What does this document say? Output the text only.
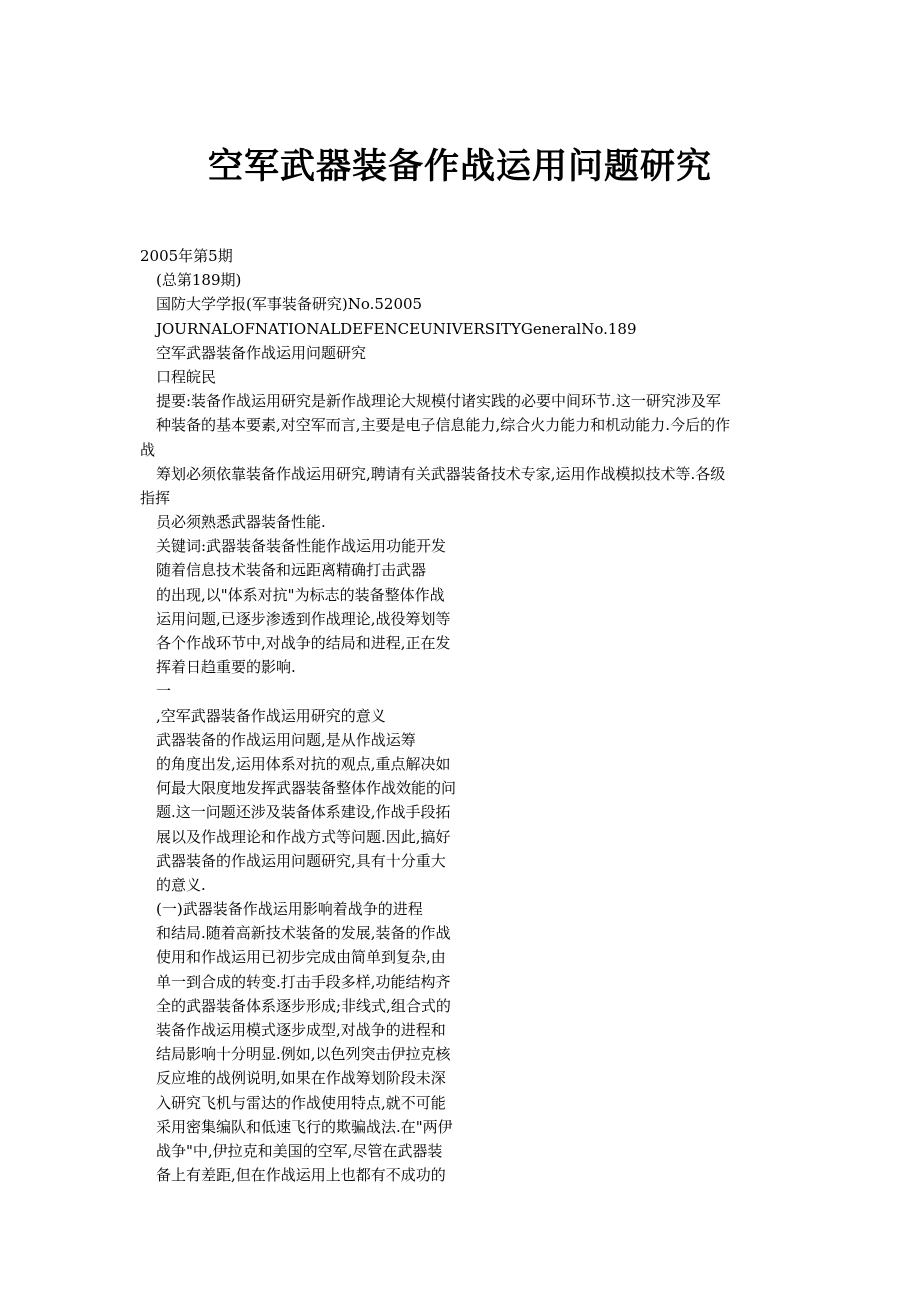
空军武器装备作战运用问题研究
2005年第5期
(总第189期)
国防大学学报(军事装备研究)No.52005
JOURNALOFNATIONALDEFENCEUNIVERSITYGeneralNo.189
空军武器装备作战运用问题研究
口程皖民
提要:装备作战运用研究是新作战理论大规模付诸实践的必要中间环节.这一研究涉及军
种装备的基本要素,对空军而言,主要是电子信息能力,综合火力能力和机动能力.今后的作
战
筹划必须依靠装备作战运用研究,聘请有关武器装备技术专家,运用作战模拟技术等.各级
指挥
员必须熟悉武器装备性能.
关键词:武器装备装备性能作战运用功能开发
随着信息技术装备和远距离精确打击武器
的出现,以"体系对抗"为标志的装备整体作战
运用问题,已逐步渗透到作战理论,战役筹划等
各个作战环节中,对战争的结局和进程,正在发
挥着日趋重要的影响.
一
,空军武器装备作战运用研究的意义
武器装备的作战运用问题,是从作战运筹
的角度出发,运用体系对抗的观点,重点解决如
何最大限度地发挥武器装备整体作战效能的问
题.这一问题还涉及装备体系建设,作战手段拓
展以及作战理论和作战方式等问题.因此,搞好
武器装备的作战运用问题研究,具有十分重大
的意义.
(一)武器装备作战运用影响着战争的进程
和结局.随着高新技术装备的发展,装备的作战
使用和作战运用已初步完成由简单到复杂,由
单一到合成的转变.打击手段多样,功能结构齐
全的武器装备体系逐步形成;非线式,组合式的
装备作战运用模式逐步成型,对战争的进程和
结局影响十分明显.例如,以色列突击伊拉克核
反应堆的战例说明,如果在作战筹划阶段未深
入研究飞机与雷达的作战使用特点,就不可能
采用密集编队和低速飞行的欺骗战法.在"两伊
战争"中,伊拉克和美国的空军,尽管在武器装
备上有差距,但在作战运用上也都有不成功的
